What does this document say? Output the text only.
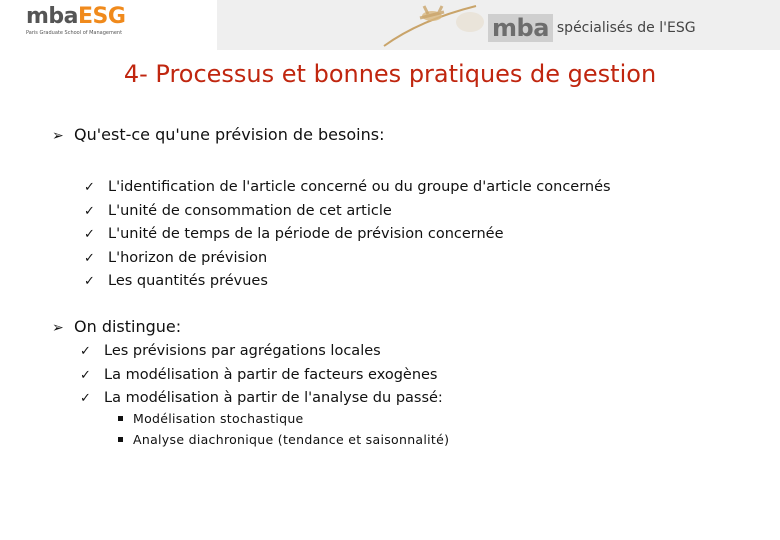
mbaESG
Paris Graduate School of Management	mba spécialisés de l'ESG
4- Processus et bonnes pratiques de gestion
➢ Qu'est-ce qu'une prévision de besoins:
✓ L'identification de l'article concerné ou du groupe d'article concernés
✓ L'unité de consommation de cet article
✓ L'unité de temps de la période de prévision concernée
✓ L'horizon de prévision
✓ Les quantités prévues
➢ On distingue:
✓ Les prévisions par agrégations locales
✓ La modélisation à partir de facteurs exogènes
✓ La modélisation à partir de l'analyse du passé:
Modélisation stochastique
Analyse diachronique (tendance et saisonnalité)
